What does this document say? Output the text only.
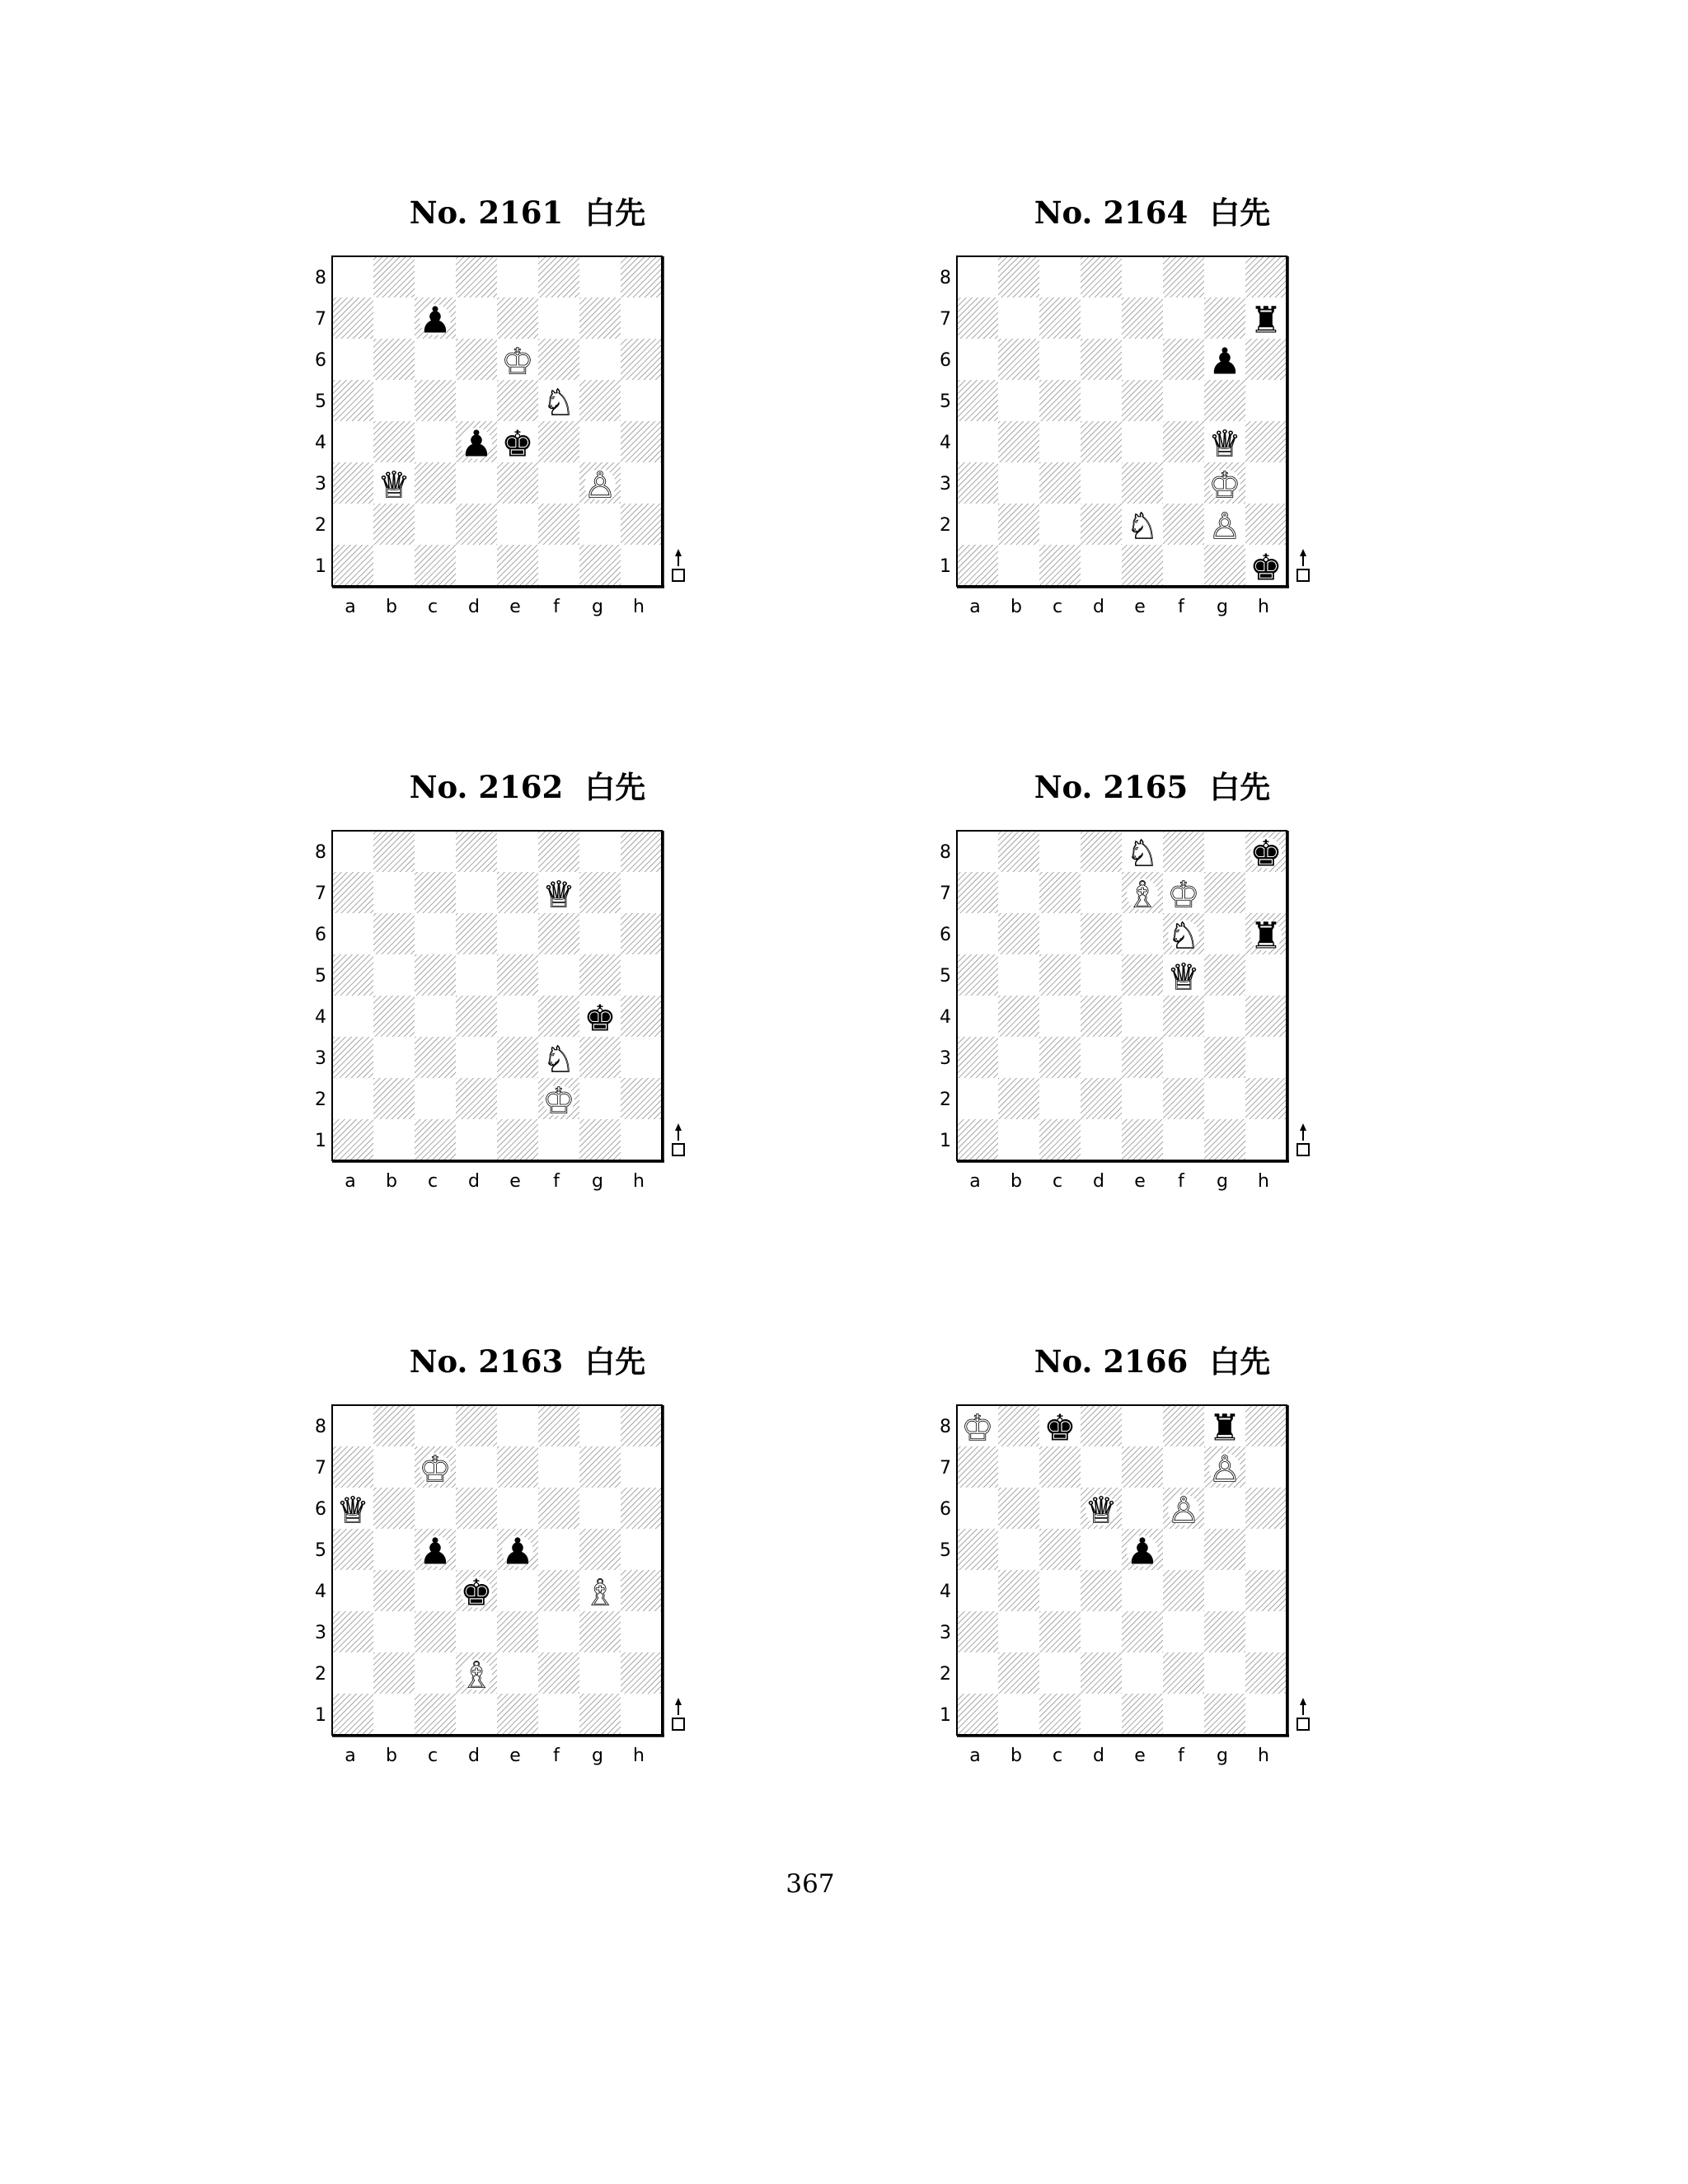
No. 2161 白先
8
7
6
5
4
3
2
1
a b c d e f g h
♟
♔
♘
♟ ♚
♕	♙
No. 2164 白先
8
7
6
5
4
3
2
1
a b c d e f g h
♜
♟
♕
♔
♘ ♙
♚
No. 2162 白先
8
7
6
5
4
3
2
1
a b c d e f g h
♕
♚
♘
♔
No. 2165 白先
8
7
6
5
4
3
2
1
a b c d e f g h
♘	♚
♗ ♔
♘ ♜
♕
No. 2163 白先
8
7
6
5
4
3
2
1
a b c d e f g h
♔
♕
♟ ♟
♚	♗
♗
No. 2166 白先
8
7
6
5
4
3
2
1
a b c d e f g h
♔ ♚	♜
♙
♕ ♙
♟
367
